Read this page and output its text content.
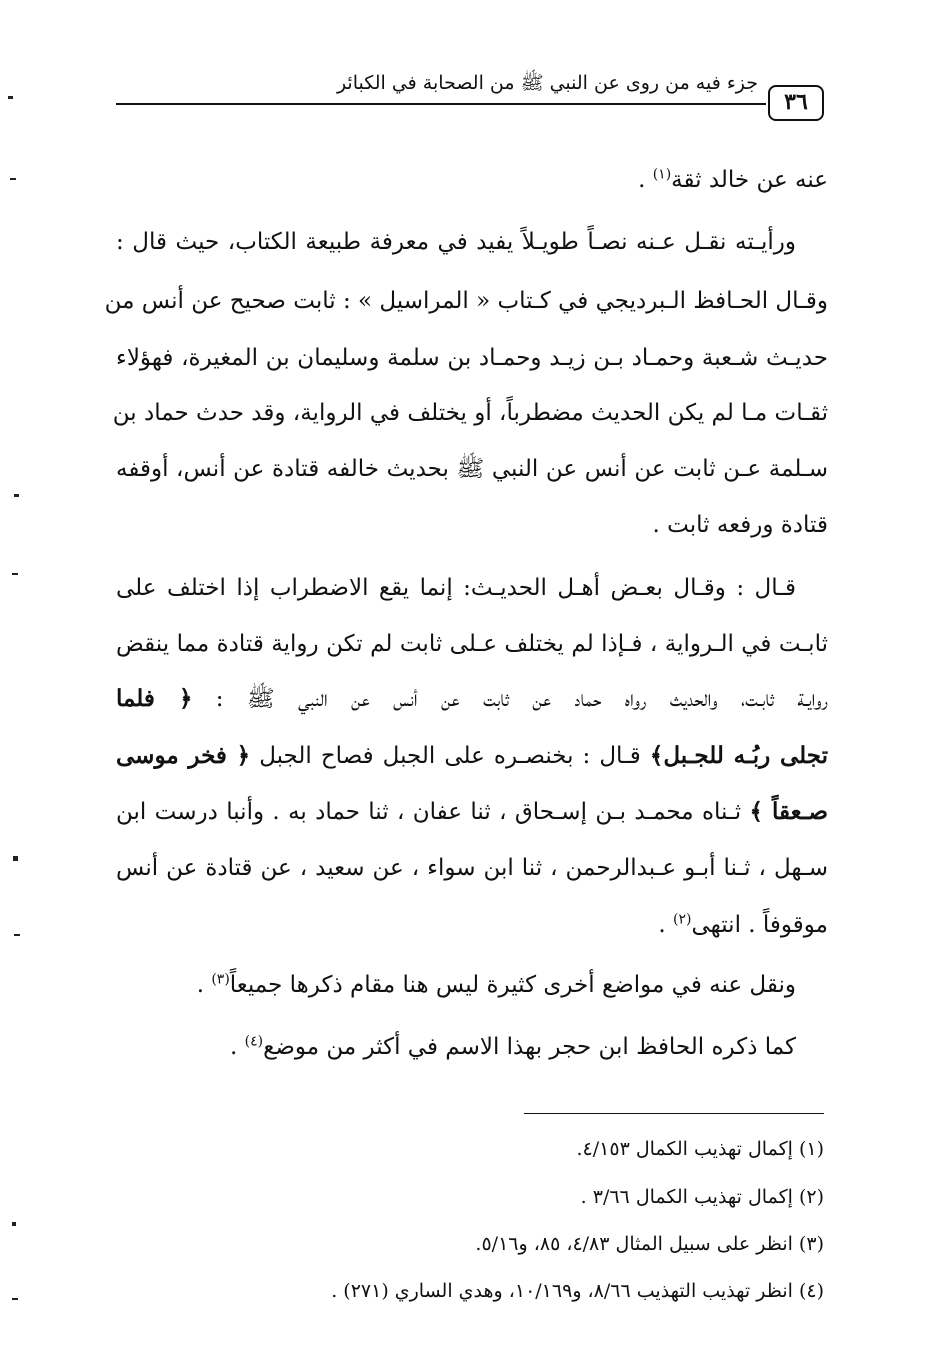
جزء فيه من روى عن النبي ﷺ من الصحابة في الكبائر
٣٦
عنه عن خالد ثقة$^{(١)}$ .
ورأيـته نقـل عـنه نصـاً طويـلاً يفيد في معرفة طبيعة الكتاب، حيث قال :
وقـال الحـافظ الـبرديجي في كـتاب « المراسيل » : ثابت صحيح عن أنس من
حديـث شـعبة وحمـاد بـن زيـد وحمـاد بن سلمة وسليمان بن المغيرة، فهؤلاء
ثقـات مـا لم يكن الحديث مضطرباً، أو يختلف في الرواية، وقد حدث حماد بن
سـلمة عـن ثابت عن أنس عن النبي ﷺ بحديث خالفه قتادة عن أنس، أوقفه
قتادة ورفعه ثابت .
قـال : وقـال بعـض أهـل الحديـث: إنما يقع الاضطراب إذا اختلف على
ثابـت في الـرواية ، فـإذا لم يختلف عـلى ثابت لم تكن رواية قتادة مما ينقض
روايـة ثابـت، والحديث رواه حماد عن ثابت عن أنس عن النبي ﷺ : ﴿ فلما
تجلى ربُـه للجـبل﴾ قـال : بخنصـره على الجبل فصاح الجبل ﴿ فخر موسى
صـعقاً ﴾ ثـناه محمـد بـن إسـحاق ، ثنا عفان ، ثنا حماد به . وأنبا درست ابن
سـهل ، ثـنا أبـو عـبدالرحمن ، ثنا ابن سواء ، عن سعيد ، عن قتادة عن أنس
موقوفاً . انتهى$^{(٢)}$ .
ونقل عنه في مواضع أخرى كثيرة ليس هنا مقام ذكرها جميعاً$^{(٣)}$ .
كما ذكره الحافظ ابن حجر بهذا الاسم في أكثر من موضع$^{(٤)}$ .
(١) إكمال تهذيب الكمال ٤/١٥٣.
(٢) إكمال تهذيب الكمال ٣/٦٦ .
(٣) انظر على سبيل المثال ٤/٨٣، ٨٥، و٥/١٦.
(٤) انظر تهذيب التهذيب ٨/٦٦، و١٠/١٦٩، وهدي الساري (٢٧١) .
